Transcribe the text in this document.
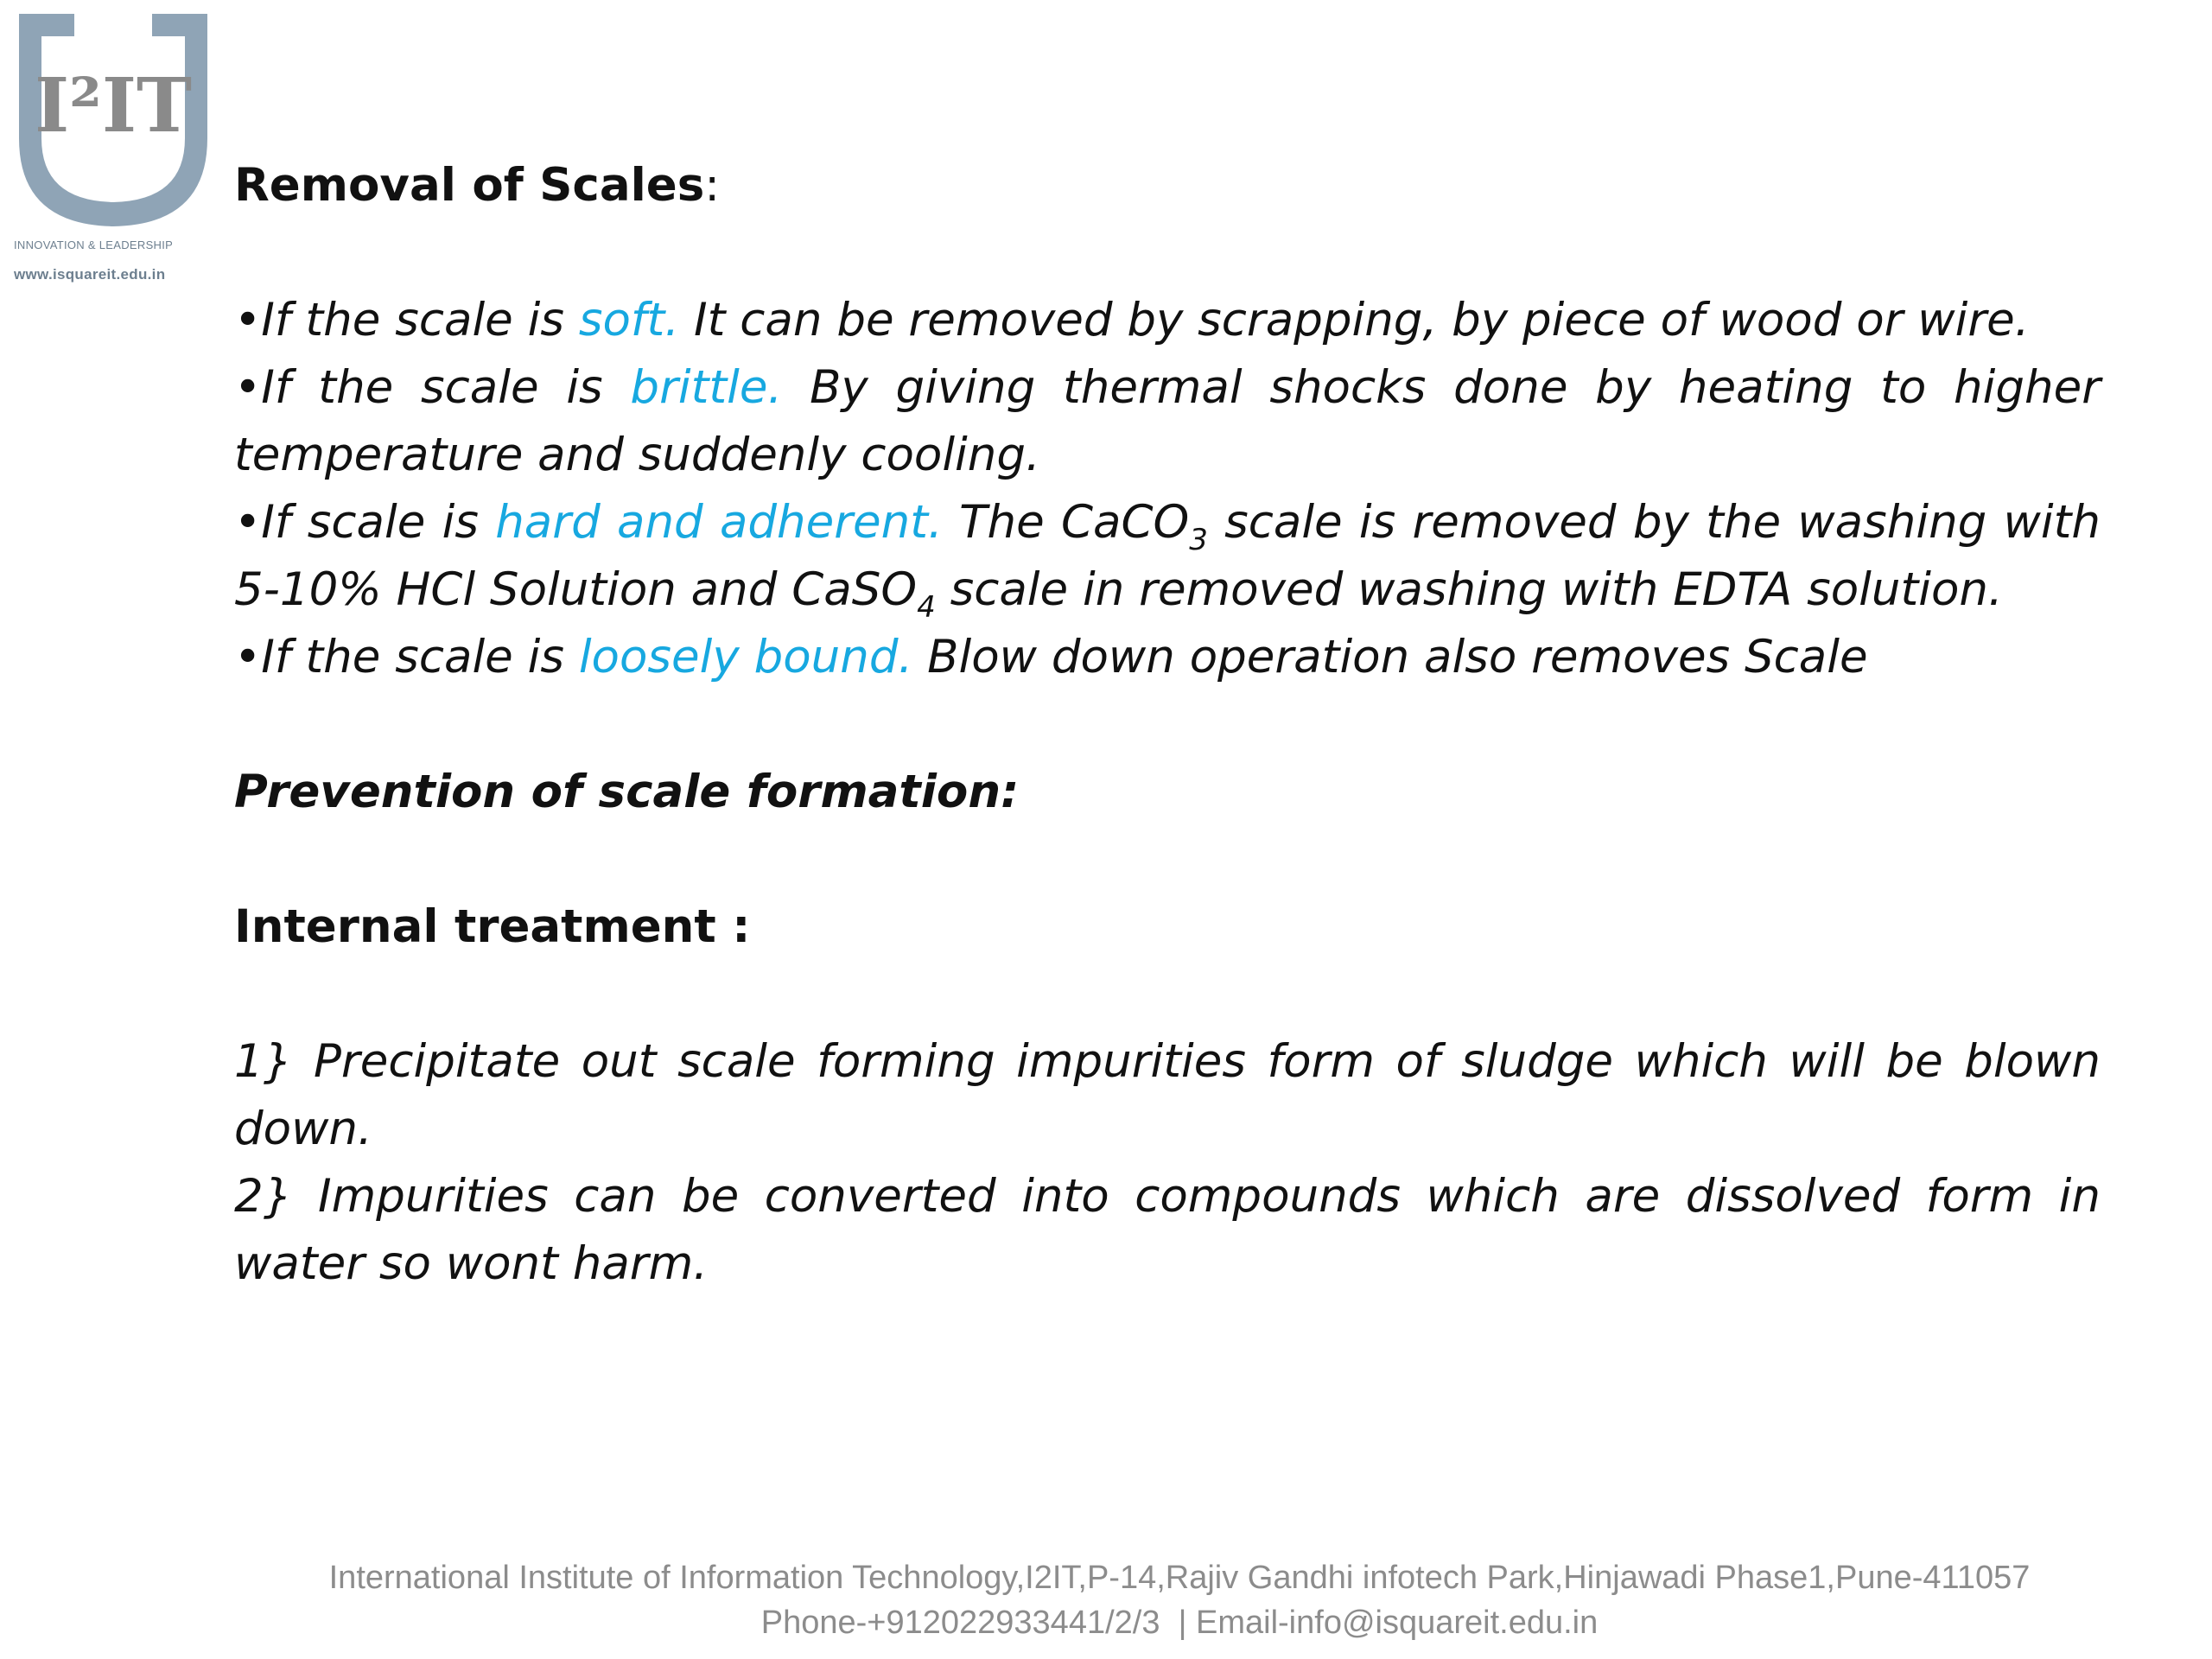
I²IT
INNOVATION & LEADERSHIP
www.isquareit.edu.in

Removal of Scales:

•If the scale is soft. It can be removed by scrapping, by piece of wood or wire.

•If the scale is brittle. By giving thermal shocks done by heating to higher temperature and suddenly cooling.

•If scale is hard and adherent. The CaCO$_3$ scale is removed by the washing with 5-10% HCl Solution and CaSO$_4$ scale in removed washing with EDTA solution.

•If the scale is loosely bound. Blow down operation also removes Scale

Prevention of scale formation:

Internal treatment :

1} Precipitate out scale forming impurities form of sludge which will be blown down.

2} Impurities can be converted into compounds which are dissolved form in water so wont harm.

International Institute of Information Technology,I2IT,P-14,Rajiv Gandhi infotech Park,Hinjawadi Phase1,Pune-411057
Phone-+912022933441/2/3  | Email-info@isquareit.edu.in
